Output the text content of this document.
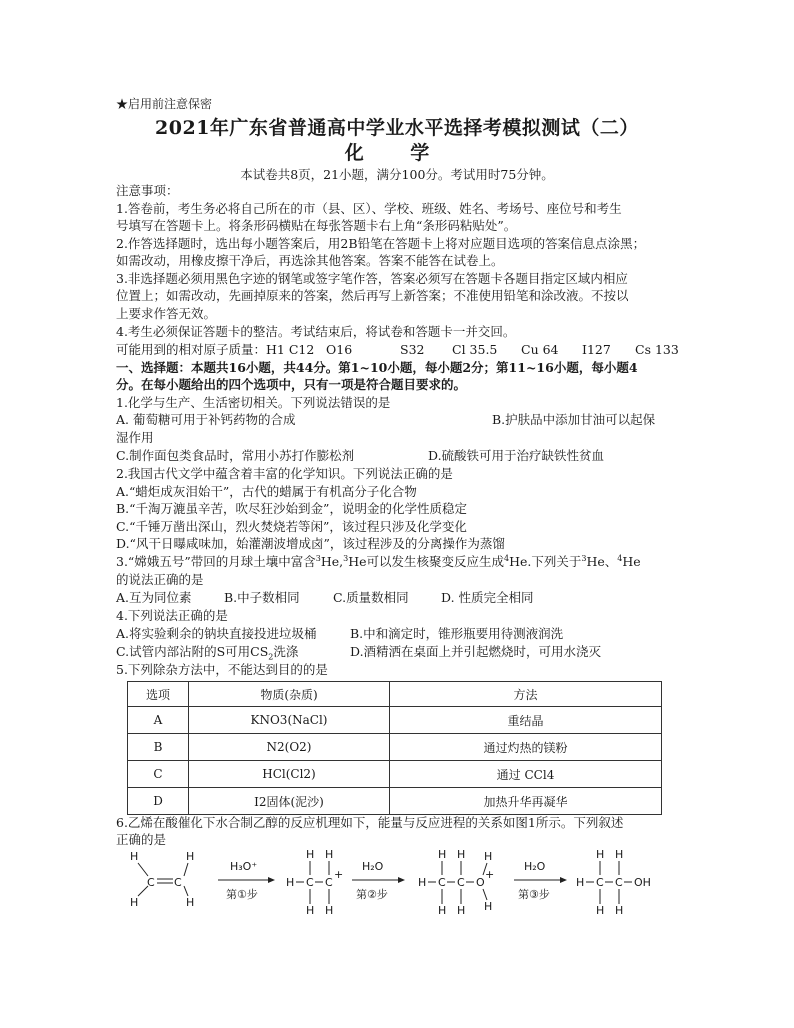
★启用前注意保密
2021年广东省普通高中学业水平选择考模拟测试（二）
化 学
本试卷共8页，21小题，满分100分。考试用时75分钟。
注意事项：
1.答卷前，考生务必将自己所在的市（县、区）、学校、班级、姓名、考场号、座位号和考生
号填写在答题卡上。将条形码横贴在每张答题卡右上角“条形码粘贴处”。
2.作答选择题时，选出每小题答案后，用2B铅笔在答题卡上将对应题目选项的答案信息点涂黑；
如需改动，用橡皮擦干净后，再选涂其他答案。答案不能答在试卷上。
3.非选择题必须用黑色字迹的钢笔或签字笔作答，答案必须写在答题卡各题目指定区域内相应
位置上；如需改动，先画掉原来的答案，然后再写上新答案；不准使用铅笔和涂改液。不按以
上要求作答无效。
4.考生必须保证答题卡的整洁。考试结束后，将试卷和答题卡一并交回。
可能用到的相对原子质量：H1 C12 O16	S32 Cl 35.5 Cu 64 I127 Cs 133
一、选择题：本题共16小题，共44分。第1~10小题，每小题2分；第11~16小题，每小题4
分。在每小题给出的四个选项中，只有一项是符合题目要求的。
1.化学与生产、生活密切相关。下列说法错误的是
A. 葡萄糖可用于补钙药物的合成	B.护肤品中添加甘油可以起保
湿作用
C.制作面包类食品时，常用小苏打作膨松剂	D.硫酸铁可用于治疗缺铁性贫血
2.我国古代文学中蕴含着丰富的化学知识。下列说法正确的是
A.“蜡炬成灰泪始干”，古代的蜡属于有机高分子化合物
B.“千淘万漉虽辛苦，吹尽狂沙始到金”，说明金的化学性质稳定
C.“千锤万凿出深山，烈火焚烧若等闲”，该过程只涉及化学变化
D.“风干日曝咸味加，始灌潮波增成卤”，该过程涉及的分离操作为蒸馏
3.“嫦娥五号”带回的月球土壤中富含$^3$He,$^3$He可以发生核聚变反应生成$^4$He.下列关于$^3$He、$^4$He
的说法正确的是
A.互为同位素	B.中子数相同	C.质量数相同	D. 性质完全相同
4.下列说法正确的是
A.将实验剩余的钠块直接投进垃圾桶	B.中和滴定时，锥形瓶要用待测液润洗
C.试管内部沾附的S可用$CS_2$洗涤	D.酒精洒在桌面上并引起燃烧时，可用水浇灭
5.下列除杂方法中，不能达到目的的是
选项	物质(杂质)	方法
A	KNO3(NaCl)	重结晶
B	N2(O2)	通过灼热的镁粉
C	HCl(Cl2)	通过 CCl4
D	I2固体(泥沙)	加热升华再凝华
6.乙烯在酸催化下水合制乙醇的反应机理如下，能量与反应进程的关系如图1所示。下列叙述
正确的是
H
H
H
H
C C
H₃O⁺
第①步
H C C
+
H H
H H
H₂O
第②步
H C C O
+
H H
H H
H
H
H₂O
第③步
H C C OH
H H
H H
